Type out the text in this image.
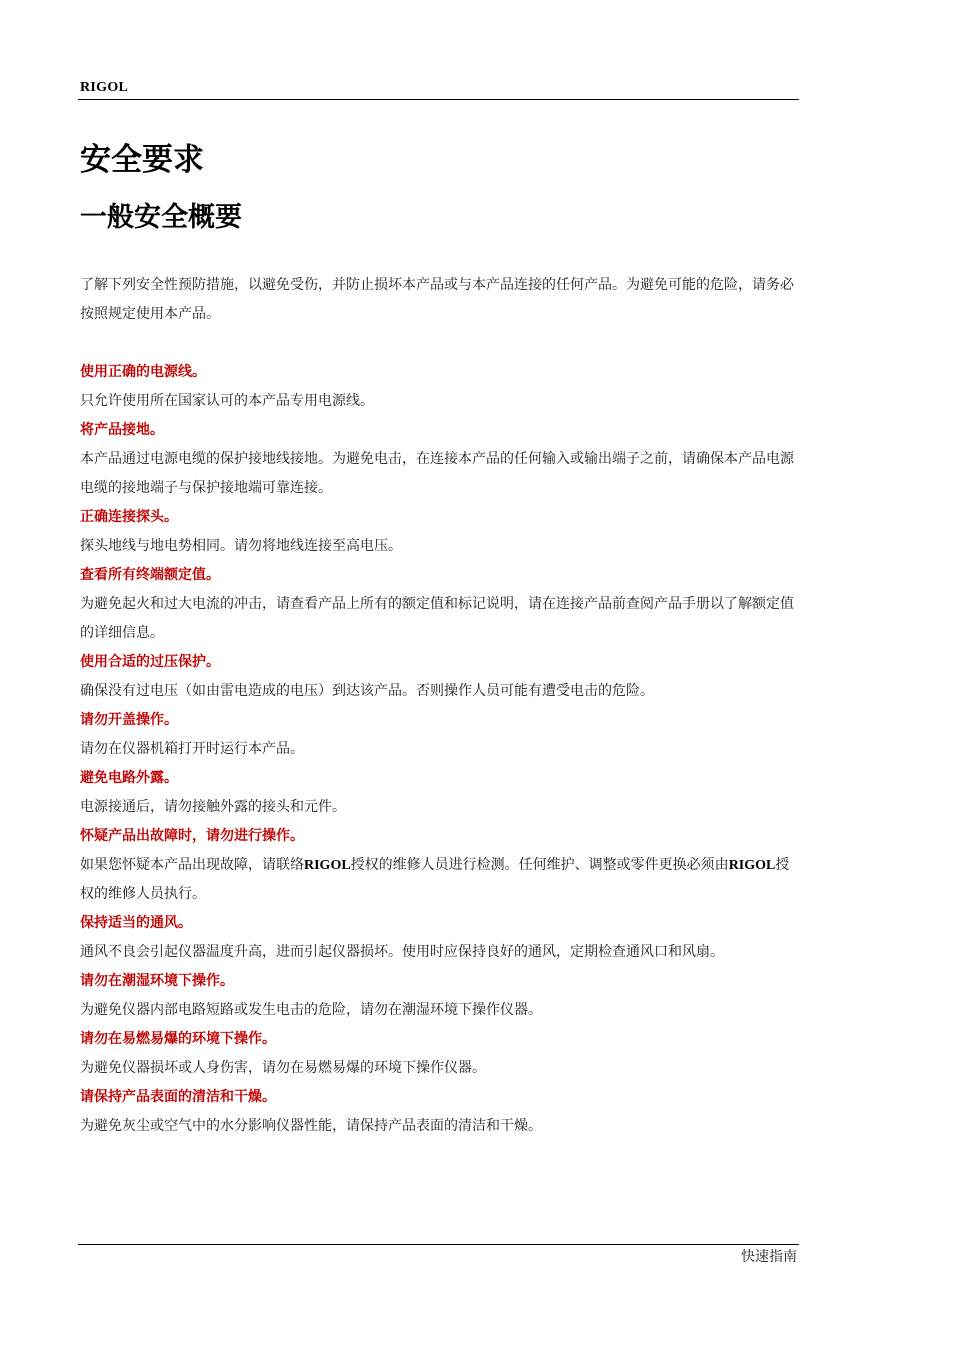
RIGOL
安全要求
一般安全概要

了解下列安全性预防措施，以避免受伤，并防止损坏本产品或与本产品连接的任何产品。为避免可能的危险，请务必按照规定使用本产品。

使用正确的电源线。

只允许使用所在国家认可的本产品专用电源线。

将产品接地。

本产品通过电源电缆的保护接地线接地。为避免电击，在连接本产品的任何输入或输出端子之前，请确保本产品电源电缆的接地端子与保护接地端可靠连接。

正确连接探头。

探头地线与地电势相同。请勿将地线连接至高电压。

查看所有终端额定值。

为避免起火和过大电流的冲击，请查看产品上所有的额定值和标记说明，请在连接产品前查阅产品手册以了解额定值的详细信息。

使用合适的过压保护。

确保没有过电压（如由雷电造成的电压）到达该产品。否则操作人员可能有遭受电击的危险。

请勿开盖操作。

请勿在仪器机箱打开时运行本产品。

避免电路外露。

电源接通后，请勿接触外露的接头和元件。

怀疑产品出故障时，请勿进行操作。

如果您怀疑本产品出现故障，请联络RIGOL授权的维修人员进行检测。任何维护、调整或零件更换必须由RIGOL授权的维修人员执行。

保持适当的通风。

通风不良会引起仪器温度升高，进而引起仪器损坏。使用时应保持良好的通风，定期检查通风口和风扇。

请勿在潮湿环境下操作。

为避免仪器内部电路短路或发生电击的危险，请勿在潮湿环境下操作仪器。

请勿在易燃易爆的环境下操作。

为避免仪器损坏或人身伤害，请勿在易燃易爆的环境下操作仪器。

请保持产品表面的清洁和干燥。

为避免灰尘或空气中的水分影响仪器性能，请保持产品表面的清洁和干燥。

快速指南
